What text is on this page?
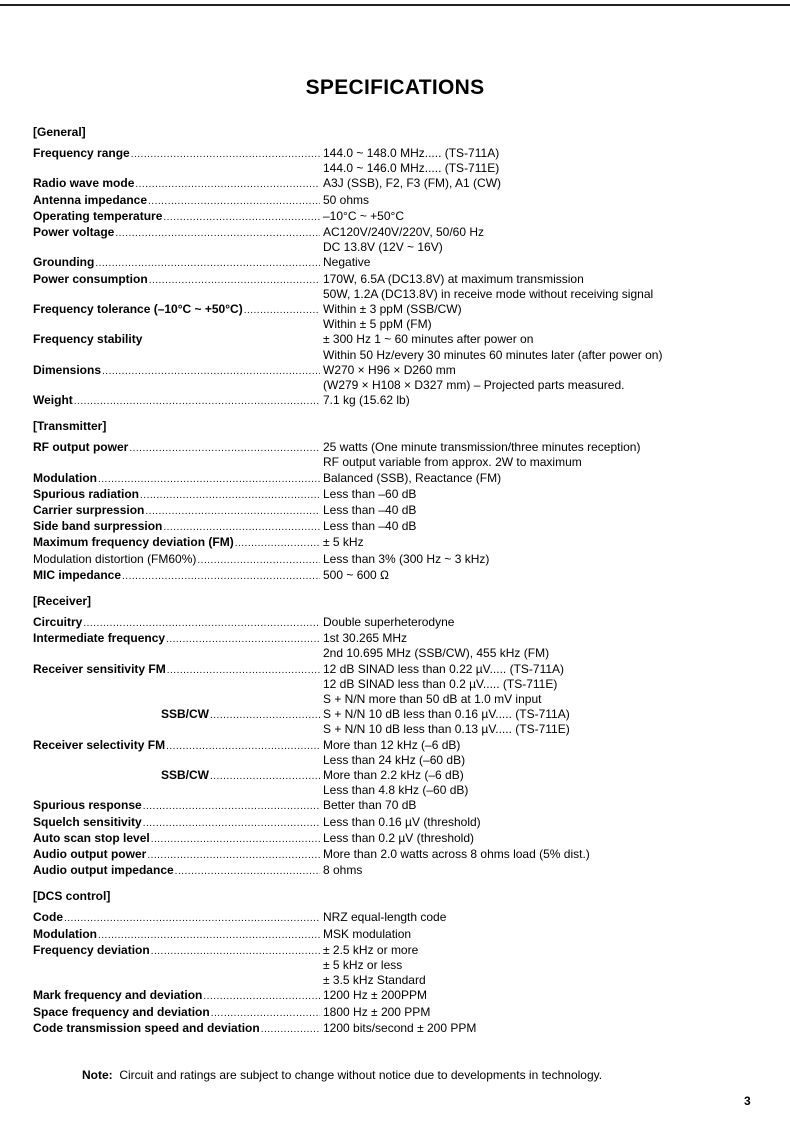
SPECIFICATIONS
[General]
Frequency range .....	144.0 ~ 148.0 MHz..... (TS-711A)
144.0 ~ 146.0 MHz..... (TS-711E)
Radio wave mode .....	A3J (SSB), F2, F3 (FM), A1 (CW)
Antenna impedance .....	50 ohms
Operating temperature .....	–10°C ~ +50°C
Power voltage .....	AC120V/240V/220V, 50/60 Hz
DC 13.8V (12V ~ 16V)
Grounding .....	Negative
Power consumption .....	170W, 6.5A (DC13.8V) at maximum transmission
50W, 1.2A (DC13.8V) in receive mode without receiving signal
Frequency tolerance (–10°C ~ +50°C) .....	Within ± 3 ppM (SSB/CW)
Within ± 5 ppM (FM)
Frequency stability	± 300 Hz 1 ~ 60 minutes after power on
Within 50 Hz/every 30 minutes 60 minutes later (after power on)
Dimensions .....	W270 × H96 × D260 mm
(W279 × H108 × D327 mm) – Projected parts measured.
Weight .....	7.1 kg (15.62 lb)
[Transmitter]
RF output power .....	25 watts (One minute transmission/three minutes reception)
RF output variable from approx. 2W to maximum
Modulation .....	Balanced (SSB), Reactance (FM)
Spurious radiation .....	Less than –60 dB
Carrier surpression .....	Less than –40 dB
Side band surpression .....	Less than –40 dB
Maximum frequency deviation (FM) .....	± 5 kHz
Modulation distortion (FM60%) .....	Less than 3% (300 Hz ~ 3 kHz)
MIC impedance .....	500 ~ 600 Ω
[Receiver]
Circuitry .....	Double superheterodyne
Intermediate frequency .....	1st 30.265 MHz
2nd 10.695 MHz (SSB/CW), 455 kHz (FM)
Receiver sensitivity FM .....	12 dB SINAD less than 0.22 µV..... (TS-711A)
12 dB SINAD less than 0.2 µV..... (TS-711E)
S + N/N more than 50 dB at 1.0 mV input
SSB/CW .....	S + N/N 10 dB less than 0.16 µV..... (TS-711A)
S + N/N 10 dB less than 0.13 µV..... (TS-711E)
Receiver selectivity FM .....	More than 12 kHz (–6 dB)
Less than 24 kHz (–60 dB)
SSB/CW .....	More than 2.2 kHz (–6 dB)
Less than 4.8 kHz (–60 dB)
Spurious response .....	Better than 70 dB
Squelch sensitivity .....	Less than 0.16 µV (threshold)
Auto scan stop level .....	Less than 0.2 µV (threshold)
Audio output power .....	More than 2.0 watts across 8 ohms load (5% dist.)
Audio output impedance .....	8 ohms
[DCS control]
Code .....	NRZ equal-length code
Modulation .....	MSK modulation
Frequency deviation .....	± 2.5 kHz or more
± 5 kHz or less
± 3.5 kHz Standard
Mark frequency and deviation .....	1200 Hz ± 200PPM
Space frequency and deviation .....	1800 Hz ± 200 PPM
Code transmission speed and deviation .....	1200 bits/second ± 200 PPM
Note: Circuit and ratings are subject to change without notice due to developments in technology.
3
